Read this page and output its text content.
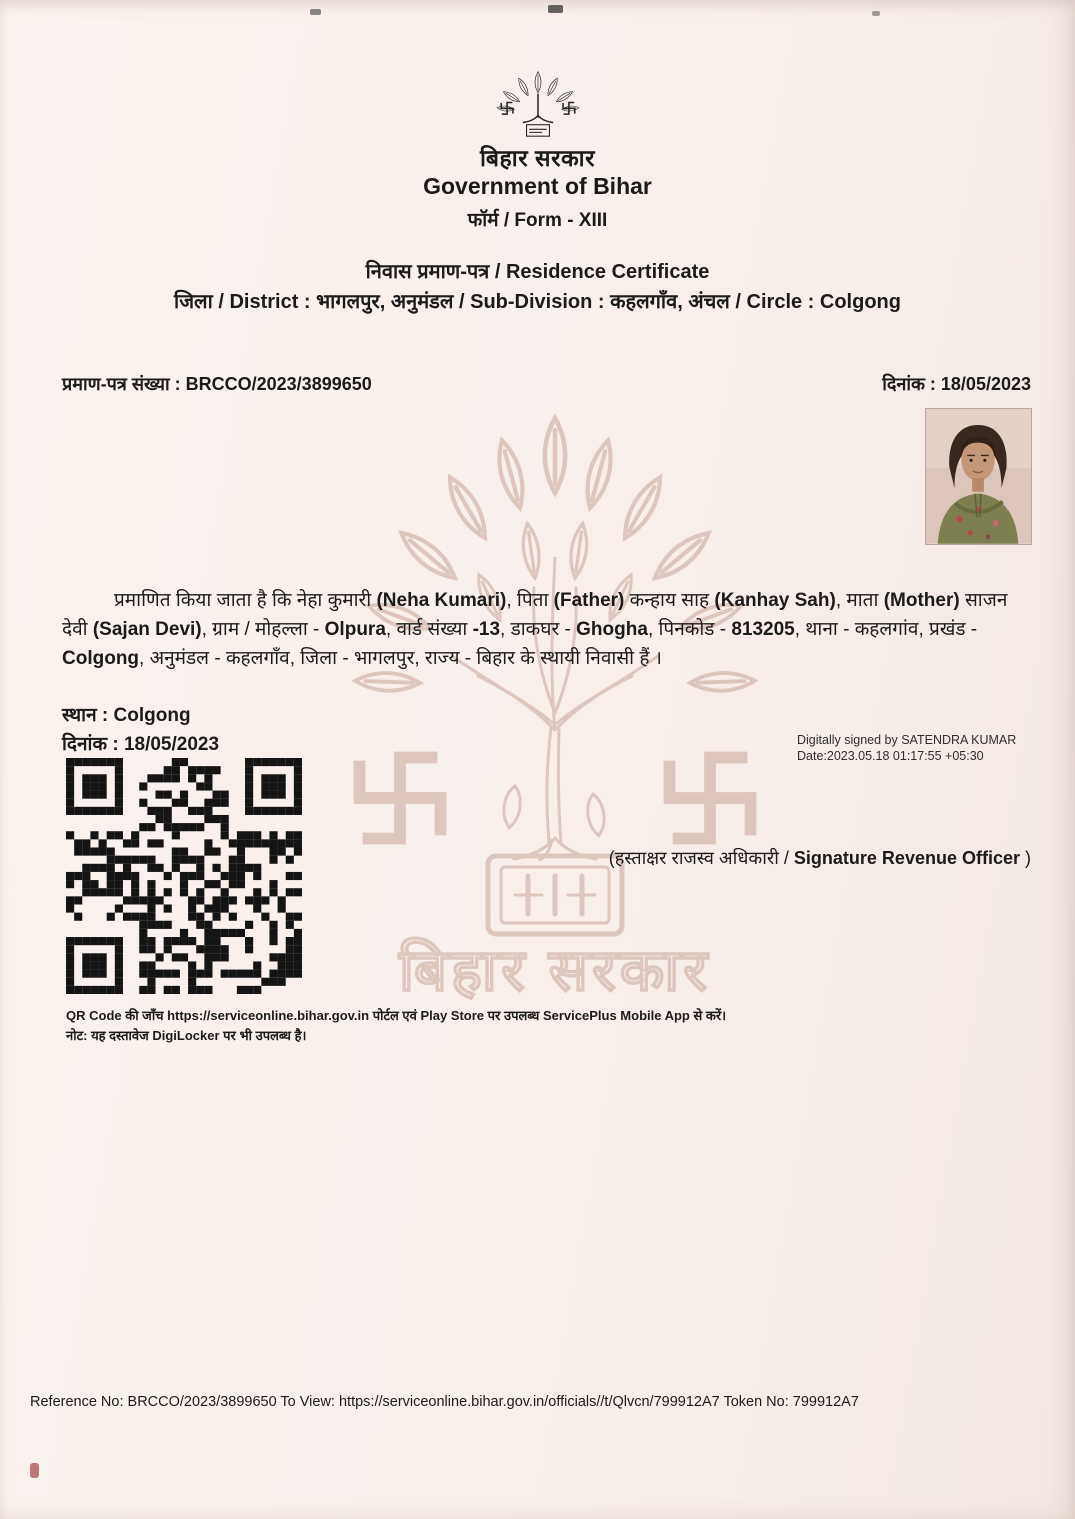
बिहार सरकार
बिहार सरकार
Government of Bihar
फॉर्म / Form - XIII
निवास प्रमाण-पत्र / Residence Certificate
जिला / District : भागलपुर, अनुमंडल / Sub-Division : कहलगाँव, अंचल / Circle : Colgong
प्रमाण-पत्र संख्या : BRCCO/2023/3899650	दिनांक : 18/05/2023

प्रमाणित किया जाता है कि नेहा कुमारी (Neha Kumari), पिता (Father) कन्हाय साह (Kanhay Sah), माता (Mother) साजन देवी (Sajan Devi), ग्राम / मोहल्ला - Olpura, वार्ड संख्या -13, डाकघर - Ghogha, पिनकोड - 813205, थाना - कहलगांव, प्रखंड - Colgong, अनुमंडल - कहलगाँव, जिला - भागलपुर, राज्य - बिहार के स्थायी निवासी हैं ।

स्थान : Colgong
दिनांक : 18/05/2023	Digitally signed by SATENDRA KUMAR
Date:2023.05.18 01:17:55 +05:30
(हस्ताक्षर राजस्व अधिकारी / Signature Revenue Officer )
QR Code की जाँच https://serviceonline.bihar.gov.in पोर्टल एवं Play Store पर उपलब्ध ServicePlus Mobile App से करें।
नोट: यह दस्तावेज DigiLocker पर भी उपलब्ध है।
Reference No: BRCCO/2023/3899650 To View: https://serviceonline.bihar.gov.in/officials//t/Qlvcn/799912A7 Token No: 799912A7
